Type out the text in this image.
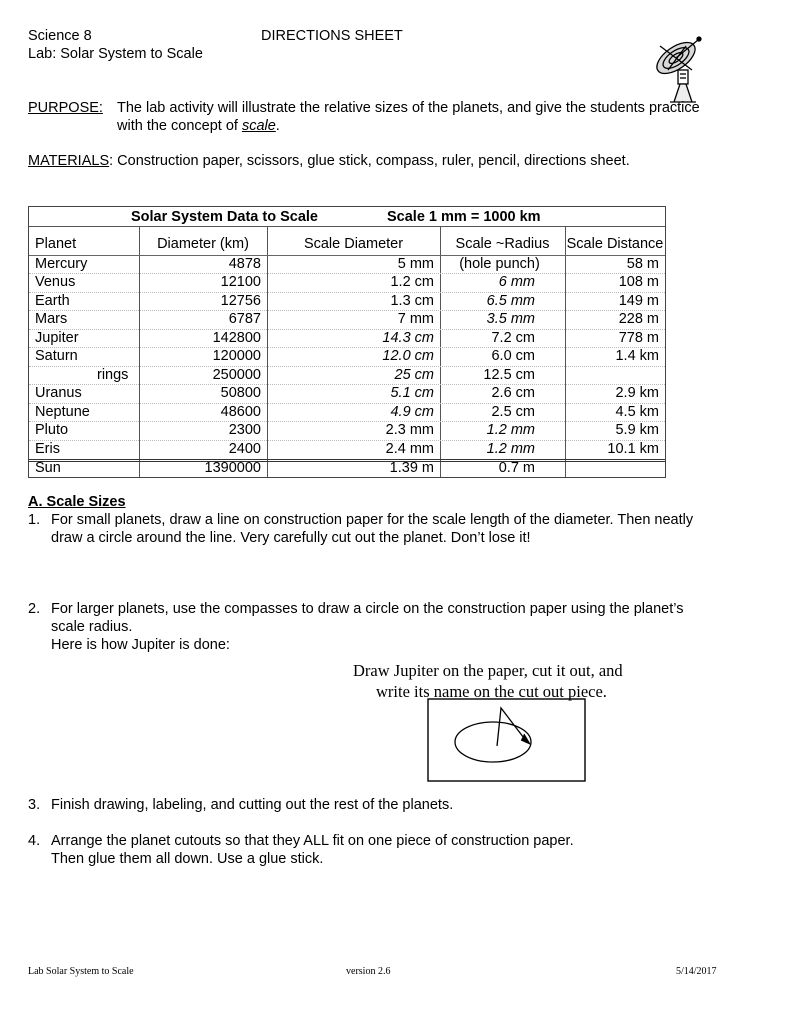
Science 8
Lab: Solar System to Scale
DIRECTIONS SHEET
PURPOSE: The lab activity will illustrate the relative sizes of the planets, and give the students practice
with the concept of scale.
MATERIALS: Construction paper, scissors, glue stick, compass, ruler, pencil, directions sheet.
Solar System Data to Scale	Scale 1 mm = 1000 km
Planet	Diameter (km)	Scale Diameter	Scale ~Radius	Scale Distance
Mercury	4878	5 mm	(hole punch)	58 m
Venus	12100	1.2 cm	6 mm	108 m
Earth	12756	1.3 cm	6.5 mm	149 m
Mars	6787	7 mm	3.5 mm	228 m
Jupiter	142800	14.3 cm	7.2 cm	778 m
Saturn	120000	12.0 cm	6.0 cm	1.4 km
rings	250000	25 cm	12.5 cm
Uranus	50800	5.1 cm	2.6 cm	2.9 km
Neptune	48600	4.9 cm	2.5 cm	4.5 km
Pluto	2300	2.3 mm	1.2 mm	5.9 km
Eris	2400	2.4 mm	1.2 mm	10.1 km
Sun	1390000	1.39 m	0.7 m
A. Scale Sizes
1. For small planets, draw a line on construction paper for the scale length of the diameter. Then neatly
draw a circle around the line. Very carefully cut out the planet. Don’t lose it!
2. For larger planets, use the compasses to draw a circle on the construction paper using the planet’s
scale radius.
Here is how Jupiter is done:
Draw Jupiter on the paper, cut it out, and
write its name on the cut out piece.
3. Finish drawing, labeling, and cutting out the rest of the planets.
4. Arrange the planet cutouts so that they ALL fit on one piece of construction paper.
Then glue them all down. Use a glue stick.
Lab Solar System to Scale	version 2.6	5/14/2017
